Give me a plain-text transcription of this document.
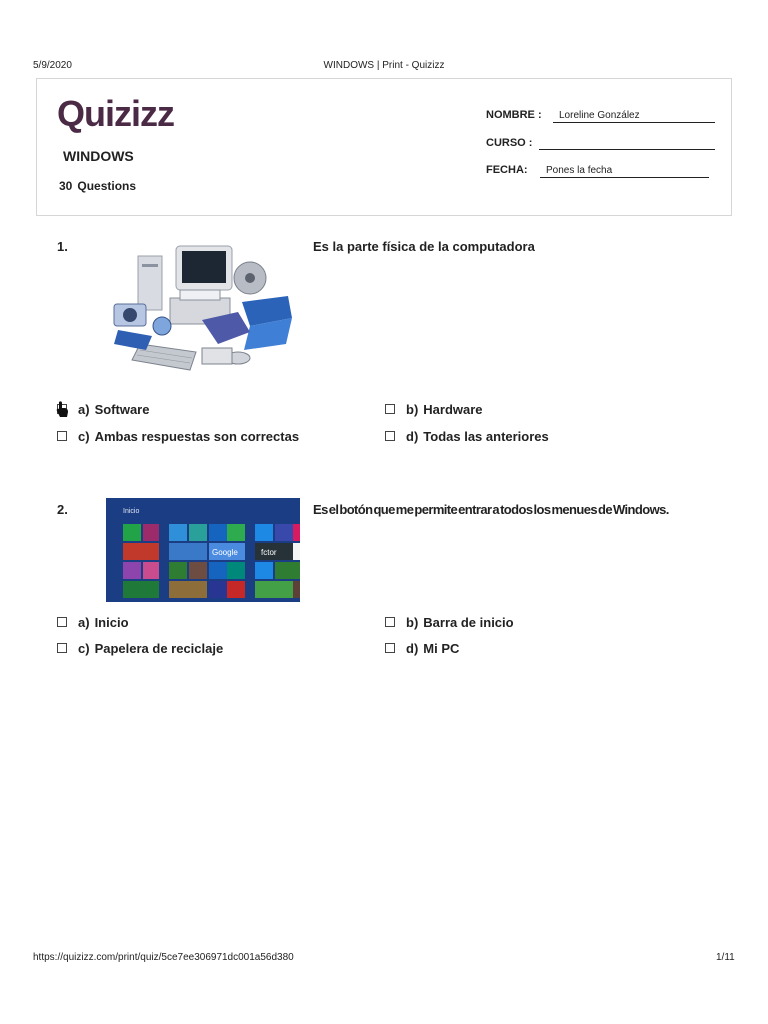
5/9/2020	WINDOWS | Print - Quizizz
Quizizz
WINDOWS
30 Questions
NOMBRE :	Loreline González
CURSO :
FECHA:	Pones la fecha
1.	Es la parte física de la computadora
a) Software	b) Hardware
c) Ambas respuestas son correctas	d) Todas las anteriores
2.	Es el botón que me permite entrar a todos los menues de Windows.
Inicio
Google	fctor
a) Inicio	b) Barra de inicio
c) Papelera de reciclaje	d) Mi PC
https://quizizz.com/print/quiz/5ce7ee306971dc001a56d380	1/11
